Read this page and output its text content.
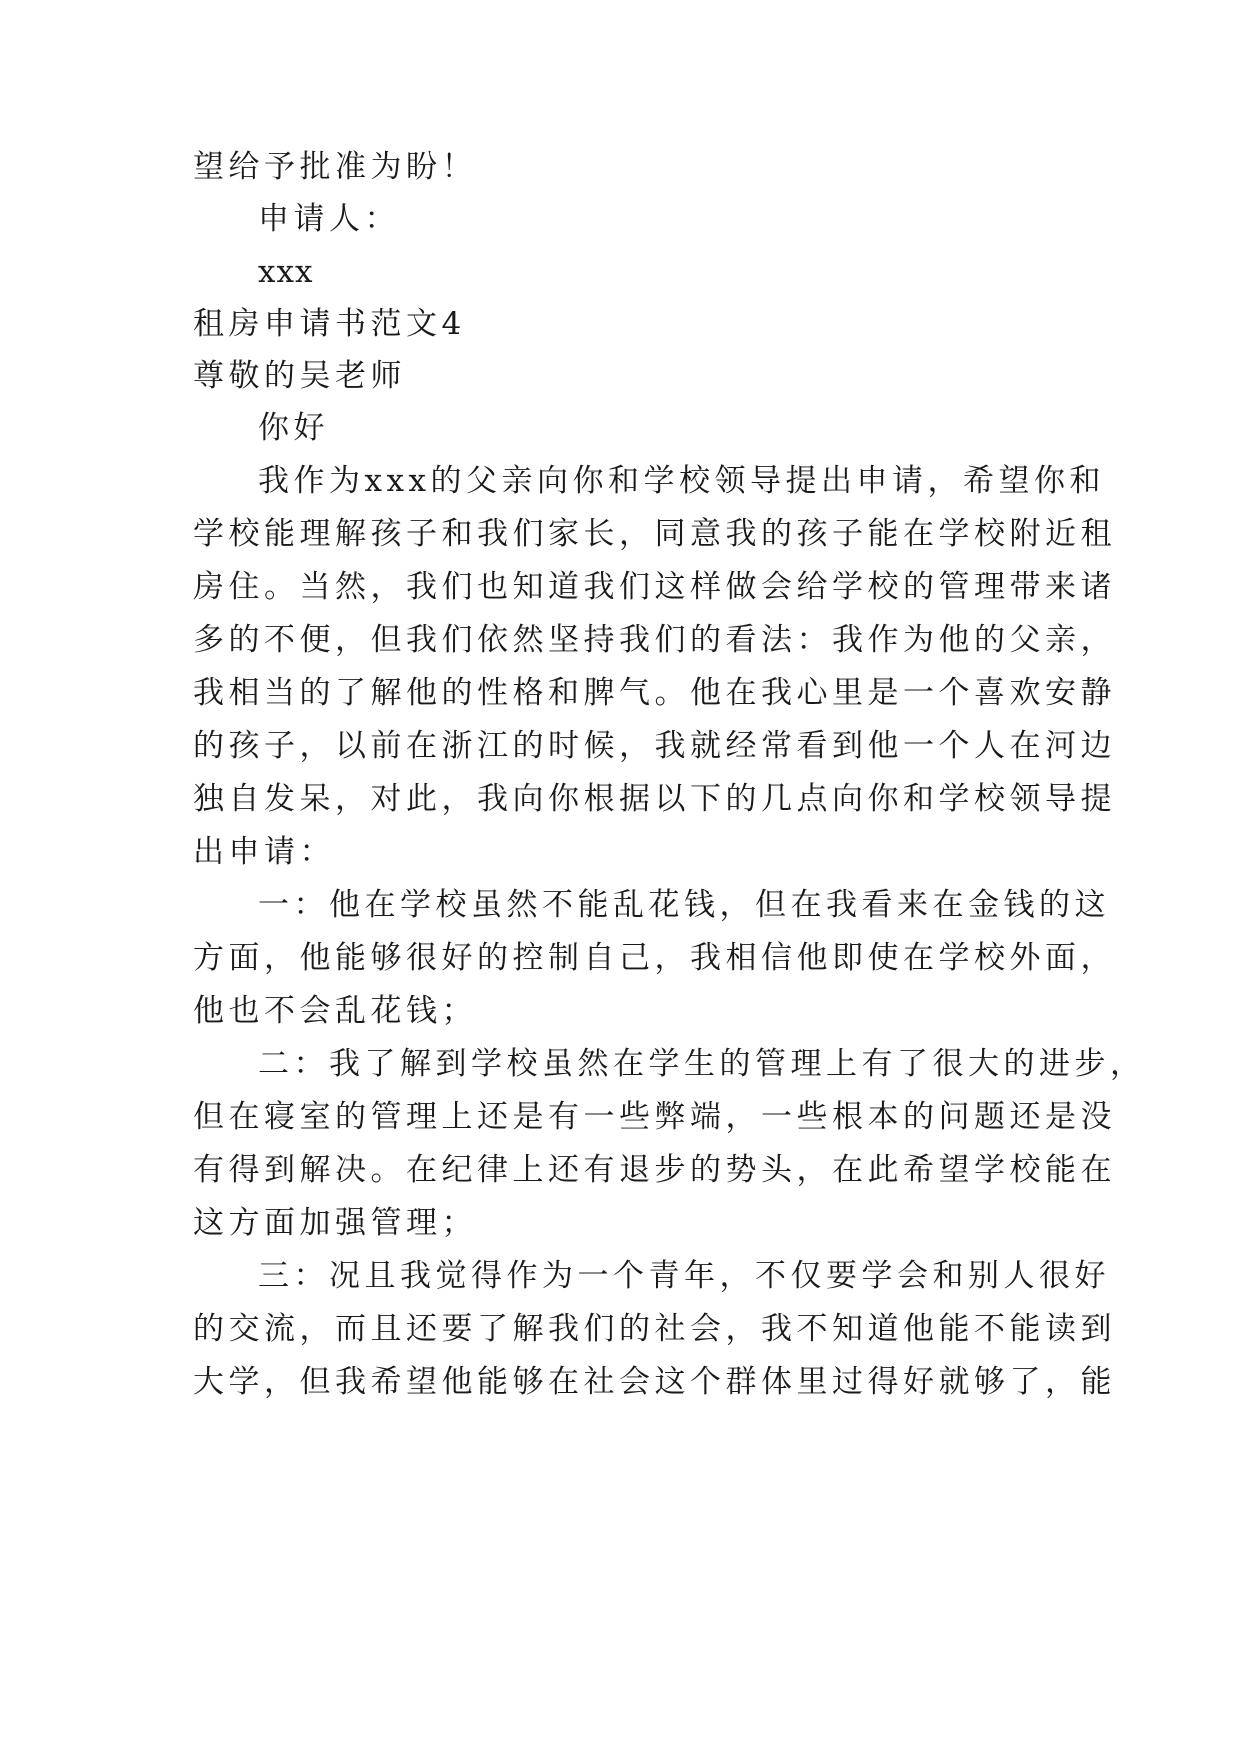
望给予批准为盼！
申请人：
xxx
租房申请书范文4
尊敬的吴老师
你好
我作为xxx的父亲向你和学校领导提出申请，希望你和
学校能理解孩子和我们家长，同意我的孩子能在学校附近租
房住。当然，我们也知道我们这样做会给学校的管理带来诸
多的不便，但我们依然坚持我们的看法：我作为他的父亲，
我相当的了解他的性格和脾气。他在我心里是一个喜欢安静
的孩子，以前在浙江的时候，我就经常看到他一个人在河边
独自发呆，对此，我向你根据以下的几点向你和学校领导提
出申请：
一：他在学校虽然不能乱花钱，但在我看来在金钱的这
方面，他能够很好的控制自己，我相信他即使在学校外面，
他也不会乱花钱；
二：我了解到学校虽然在学生的管理上有了很大的进步，
但在寝室的管理上还是有一些弊端，一些根本的问题还是没
有得到解决。在纪律上还有退步的势头，在此希望学校能在
这方面加强管理；
三：况且我觉得作为一个青年，不仅要学会和别人很好
的交流，而且还要了解我们的社会，我不知道他能不能读到
大学，但我希望他能够在社会这个群体里过得好就够了，能
